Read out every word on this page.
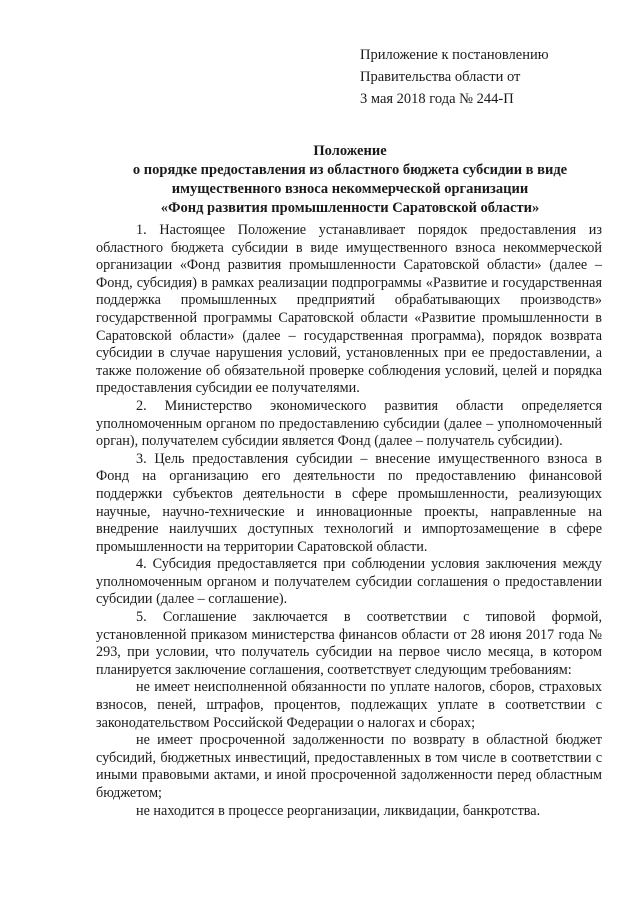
Приложение к постановлению
Правительства области от
3 мая 2018 года № 244-П
Положение
о порядке предоставления из областного бюджета субсидии в виде
имущественного взноса некоммерческой организации
«Фонд развития промышленности Саратовской области»

1. Настоящее Положение устанавливает порядок предоставления из областного бюджета субсидии в виде имущественного взноса некоммерческой организации «Фонд развития промышленности Саратовской области» (далее – Фонд, субсидия) в рамках реализации подпрограммы «Развитие и государственная поддержка промышленных предприятий обрабатывающих производств» государственной программы Саратовской области «Развитие промышленности в Саратовской области» (далее – государственная программа), порядок возврата субсидии в случае нарушения условий, установленных при ее предоставлении, а также положение об обязательной проверке соблюдения условий, целей и порядка предоставления субсидии ее получателями.

2. Министерство экономического развития области определяется уполномоченным органом по предоставлению субсидии (далее – уполномоченный орган), получателем субсидии является Фонд (далее – получатель субсидии).

3. Цель предоставления субсидии – внесение имущественного взноса в Фонд на организацию его деятельности по предоставлению финансовой поддержки субъектов деятельности в сфере промышленности, реализующих научные, научно-технические и инновационные проекты, направленные на внедрение наилучших доступных технологий и импортозамещение в сфере промышленности на территории Саратовской области.

4. Субсидия предоставляется при соблюдении условия заключения между уполномоченным органом и получателем субсидии соглашения о предоставлении субсидии (далее – соглашение).

5. Соглашение заключается в соответствии с типовой формой, установленной приказом министерства финансов области от 28 июня 2017 года № 293, при условии, что получатель субсидии на первое число месяца, в котором планируется заключение соглашения, соответствует следующим требованиям:

не имеет неисполненной обязанности по уплате налогов, сборов, страховых взносов, пеней, штрафов, процентов, подлежащих уплате в соответствии с законодательством Российской Федерации о налогах и сборах;

не имеет просроченной задолженности по возврату в областной бюджет субсидий, бюджетных инвестиций, предоставленных в том числе в соответствии с иными правовыми актами, и иной просроченной задолженности перед областным бюджетом;

не находится в процессе реорганизации, ликвидации, банкротства.
